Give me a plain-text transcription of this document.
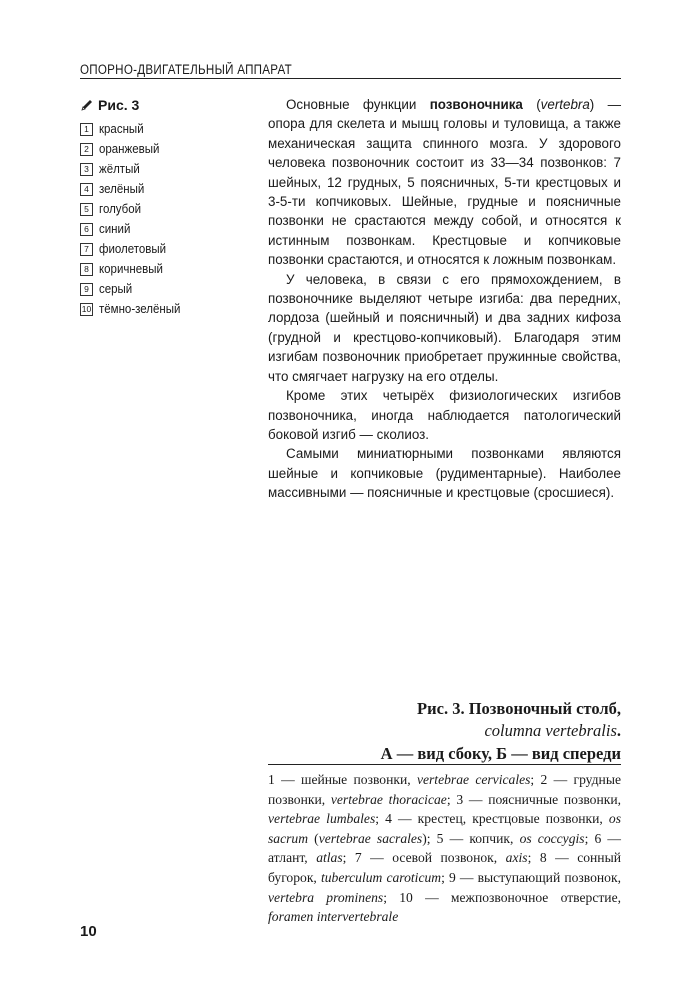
ОПОРНО-ДВИГАТЕЛЬНЫЙ АППАРАТ
Рис. 3
1 красный
2 оранжевый
3 жёлтый
4 зелёный
5 голубой
6 синий
7 фиолетовый
8 коричневый
9 серый
10 тёмно-зелёный

Основные функции позвоночника (vertebra) — опора для скелета и мышц головы и туловища, а также механическая защита спинного мозга. У здорового человека позвоночник состоит из 33—34 позвонков: 7 шейных, 12 грудных, 5 поясничных, 5-ти крестцовых и 3-5-ти копчиковых. Шейные, грудные и поясничные позвонки не срастаются между собой, и относятся к истинным позвонкам. Крестцовые и копчиковые позвонки срастаются, и относятся к ложным позвонкам.

У человека, в связи с его прямохождением, в позвоночнике выделяют четыре изгиба: два передних, лордоза (шейный и поясничный) и два задних кифоза (грудной и крестцово-копчиковый). Благодаря этим изгибам позвоночник приобретает пружинные свойства, что смягчает нагрузку на его отделы.

Кроме этих четырёх физиологических изгибов позвоночника, иногда наблюдается патологический боковой изгиб — сколиоз.

Самыми миниатюрными позвонками являются шейные и копчиковые (рудиментарные). Наиболее массивными — поясничные и крестцовые (сросшиеся).

Рис. 3. Позвоночный столб,
columna vertebralis.
А — вид сбоку, Б — вид спереди
1 — шейные позвонки, vertebrae cervicales; 2 — грудные позвонки, vertebrae thoracicae; 3 — поясничные позвонки, vertebrae lumbales; 4 — крестец, крестцовые позвонки, os sacrum (vertebrae sacrales); 5 — копчик, os coccygis; 6 — атлант, atlas; 7 — осевой позвонок, axis; 8 — сонный бугорок, tuberculum caroticum; 9 — выступающий позвонок, vertebra prominens; 10 — межпозвоночное отверстие, foramen intervertebrale
10
